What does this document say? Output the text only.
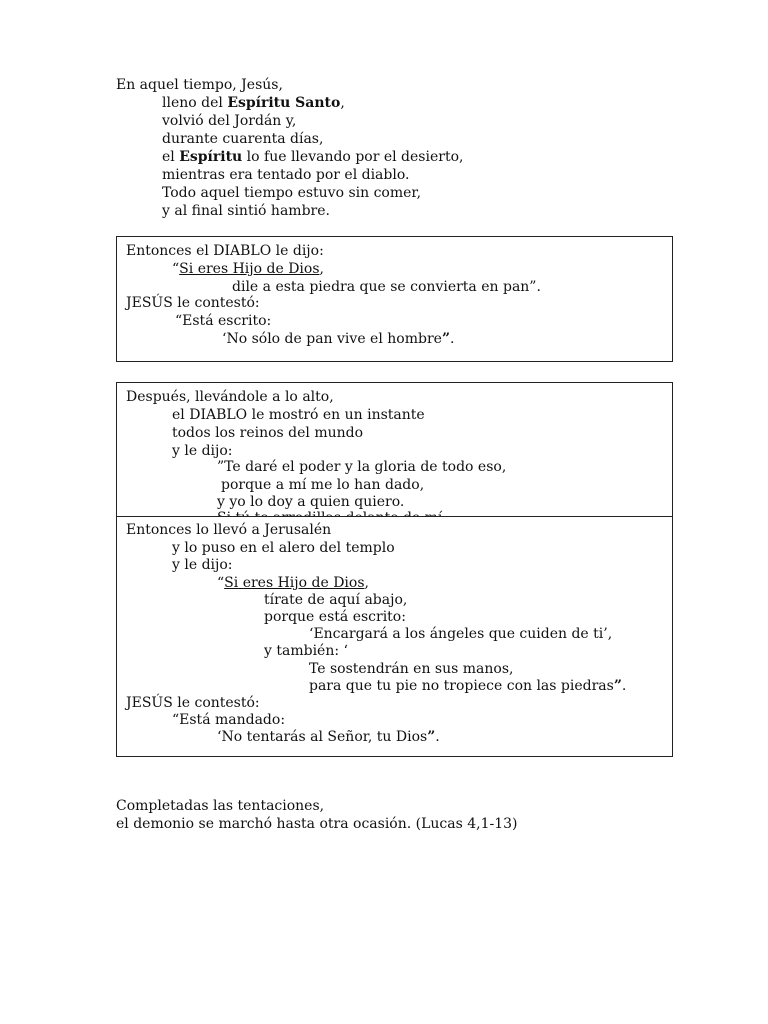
En aquel tiempo, Jesús,
lleno del Espíritu Santo,
volvió del Jordán y,
durante cuarenta días,
el Espíritu lo fue llevando por el desierto,
mientras era tentado por el diablo.
Todo aquel tiempo estuvo sin comer,
y al final sintió hambre.
Entonces el DIABLO le dijo:
“Si eres Hijo de Dios,
dile a esta piedra que se convierta en pan”.
JESÚS le contestó:
“Está escrito:
‘No sólo de pan vive el hombre”.
Después, llevándole a lo alto,
el DIABLO le mostró en un instante
todos los reinos del mundo
y le dijo:
”Te daré el poder y la gloria de todo eso,
porque a mí me lo han dado,
y yo lo doy a quien quiero.
Entonces lo llevó a Jerusalén
y lo puso en el alero del templo
y le dijo:
“Si eres Hijo de Dios,
tírate de aquí abajo,
porque está escrito:
‘Encargará a los ángeles que cuiden de ti’,
y también: ‘
Te sostendrán en sus manos,
para que tu pie no tropiece con las piedras”.
JESÚS le contestó:
“Está mandado:
‘No tentarás al Señor, tu Dios”.
Completadas las tentaciones,
el demonio se marchó hasta otra ocasión. (Lucas 4,1-13)
